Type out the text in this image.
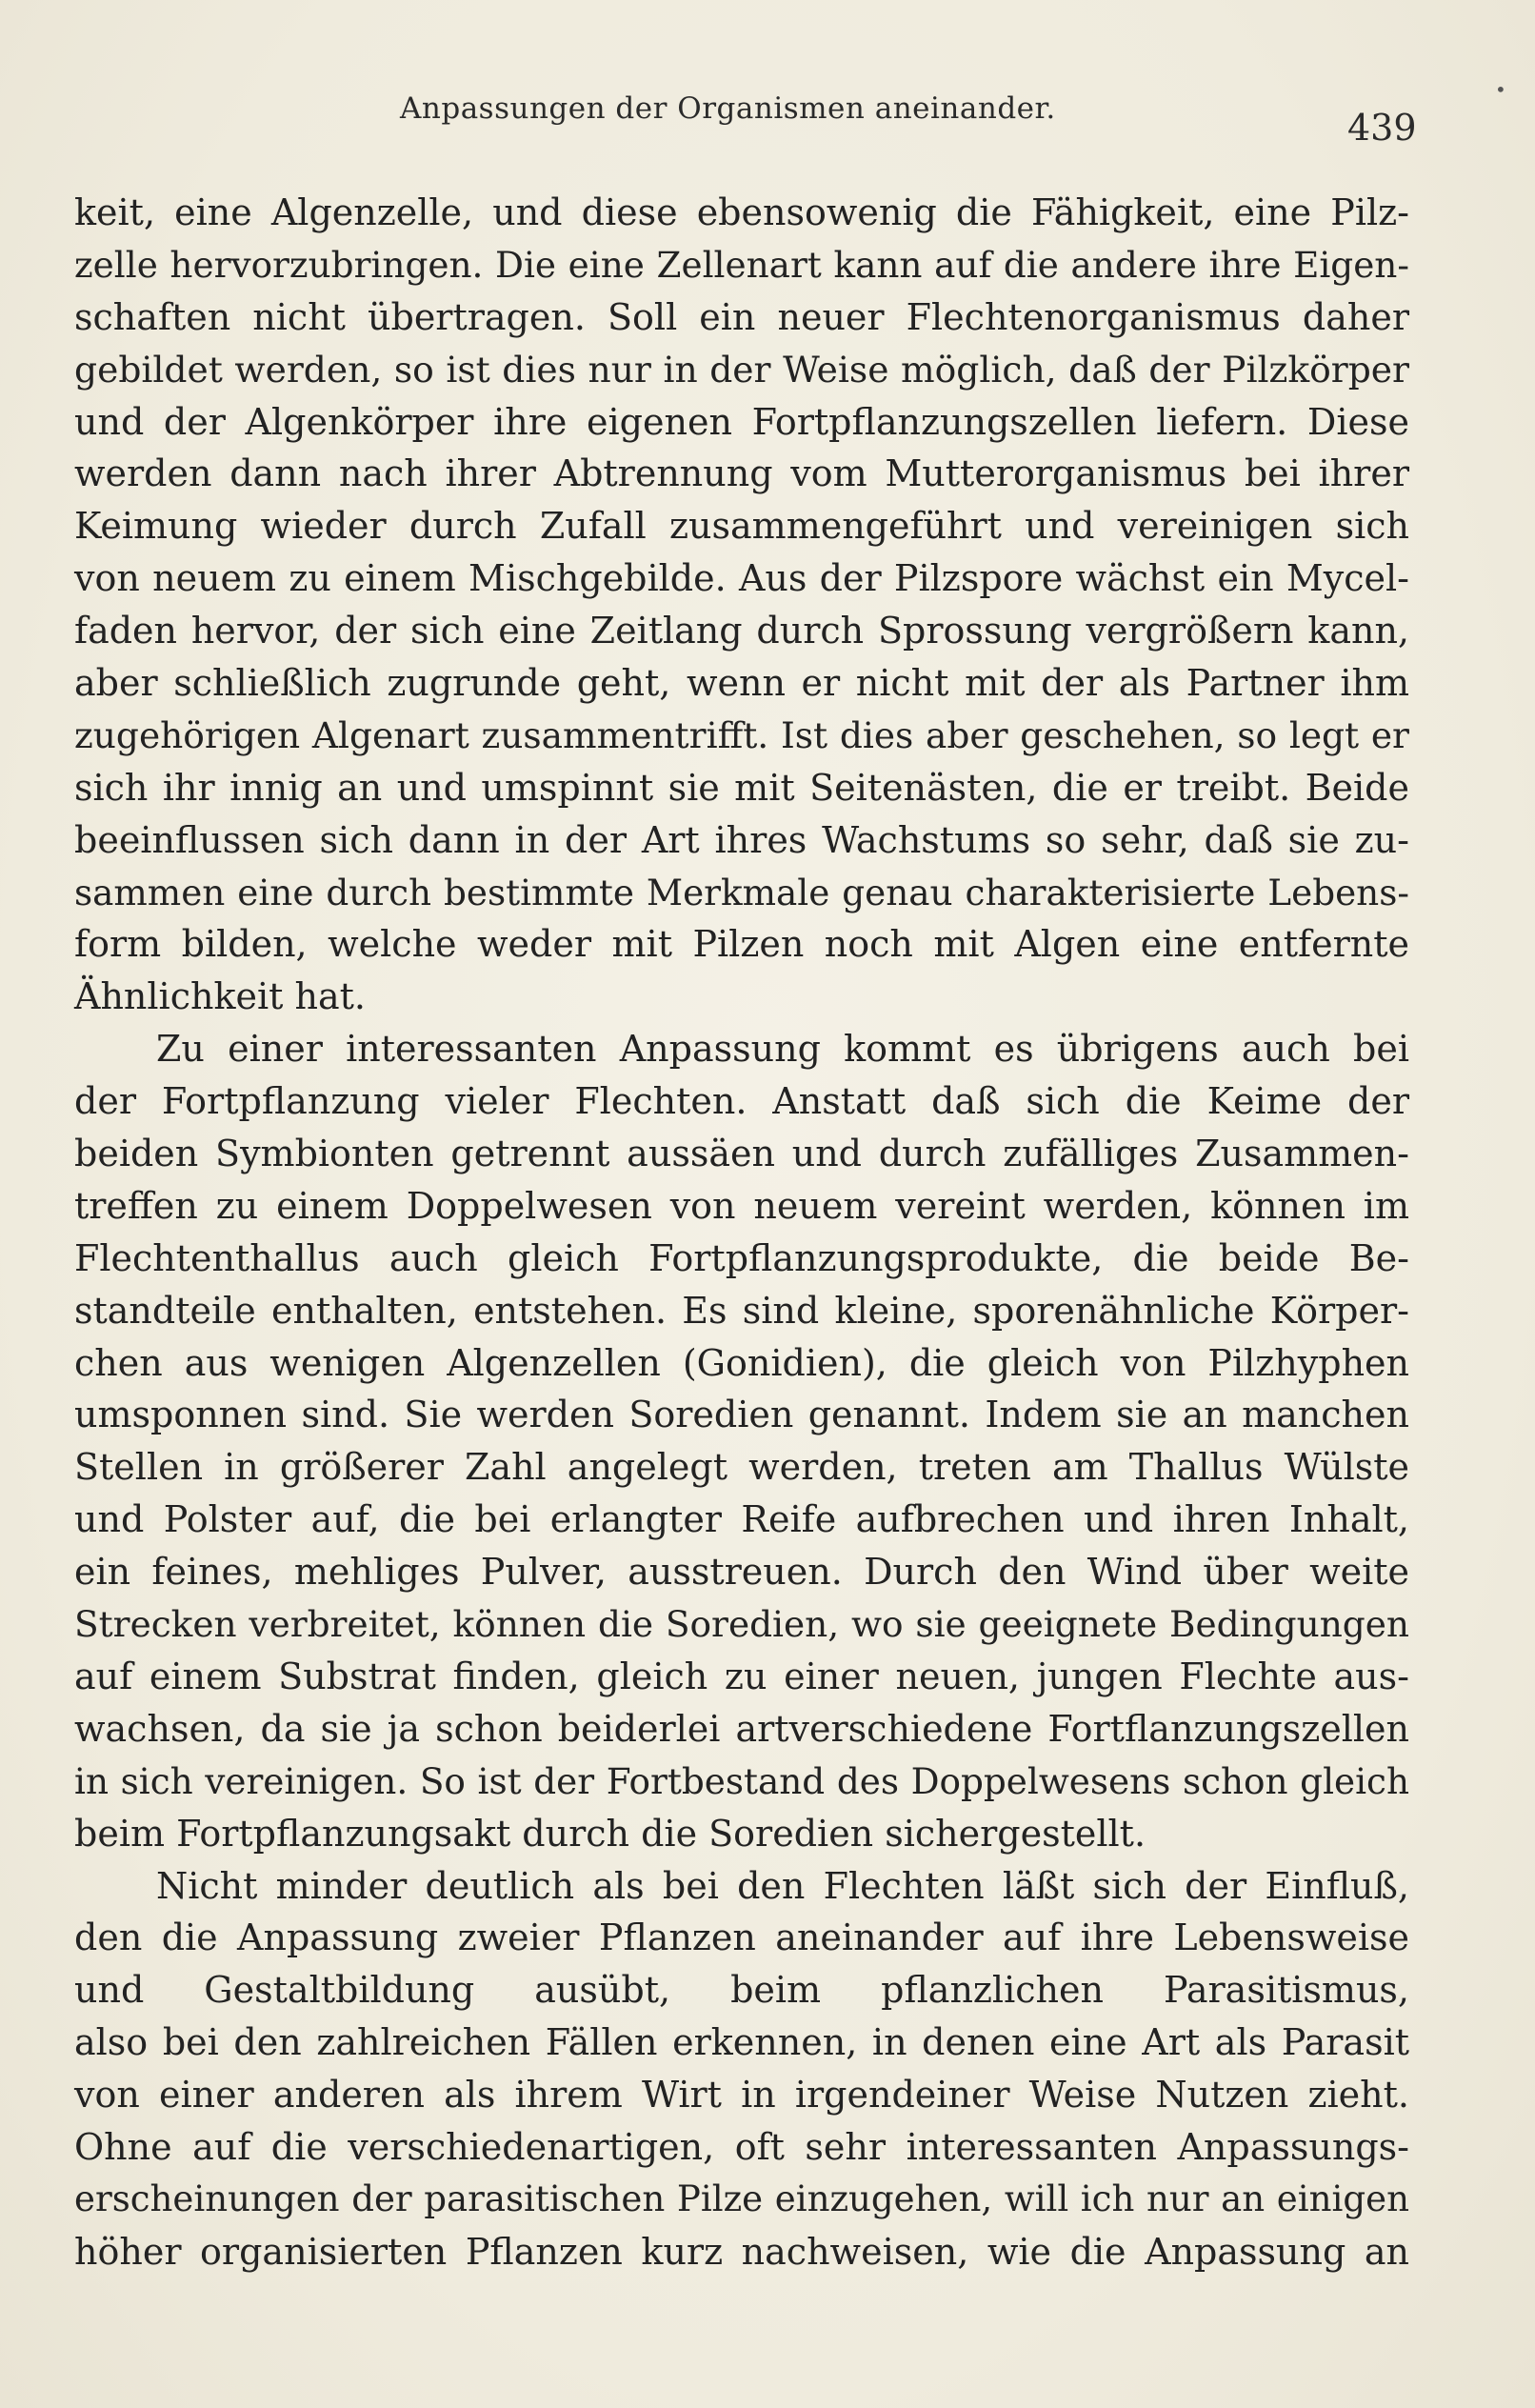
Anpassungen der Organismen aneinander.	439
keit, eine Algenzelle, und diese ebensowenig die Fähigkeit, eine Pilz-
zelle hervorzubringen. Die eine Zellenart kann auf die andere ihre Eigen-
schaften nicht übertragen. Soll ein neuer Flechtenorganismus daher
gebildet werden, so ist dies nur in der Weise möglich, daß der Pilzkörper
und der Algenkörper ihre eigenen Fortpflanzungszellen liefern. Diese
werden dann nach ihrer Abtrennung vom Mutterorganismus bei ihrer
Keimung wieder durch Zufall zusammengeführt und vereinigen sich
von neuem zu einem Mischgebilde. Aus der Pilzspore wächst ein Mycel-
faden hervor, der sich eine Zeitlang durch Sprossung vergrößern kann,
aber schließlich zugrunde geht, wenn er nicht mit der als Partner ihm
zugehörigen Algenart zusammentrifft. Ist dies aber geschehen, so legt er
sich ihr innig an und umspinnt sie mit Seitenästen, die er treibt. Beide
beeinflussen sich dann in der Art ihres Wachstums so sehr, daß sie zu-
sammen eine durch bestimmte Merkmale genau charakterisierte Lebens-
form bilden, welche weder mit Pilzen noch mit Algen eine entfernte
Ähnlichkeit hat.
Zu einer interessanten Anpassung kommt es übrigens auch bei
der Fortpflanzung vieler Flechten. Anstatt daß sich die Keime der
beiden Symbionten getrennt aussäen und durch zufälliges Zusammen-
treffen zu einem Doppelwesen von neuem vereint werden, können im
Flechtenthallus auch gleich Fortpflanzungsprodukte, die beide Be-
standteile enthalten, entstehen. Es sind kleine, sporenähnliche Körper-
chen aus wenigen Algenzellen (Gonidien), die gleich von Pilzhyphen
umsponnen sind. Sie werden Soredien genannt. Indem sie an manchen
Stellen in größerer Zahl angelegt werden, treten am Thallus Wülste
und Polster auf, die bei erlangter Reife aufbrechen und ihren Inhalt,
ein feines, mehliges Pulver, ausstreuen. Durch den Wind über weite
Strecken verbreitet, können die Soredien, wo sie geeignete Bedingungen
auf einem Substrat finden, gleich zu einer neuen, jungen Flechte aus-
wachsen, da sie ja schon beiderlei artverschiedene Fortflanzungszellen
in sich vereinigen. So ist der Fortbestand des Doppelwesens schon gleich
beim Fortpflanzungsakt durch die Soredien sichergestellt.
Nicht minder deutlich als bei den Flechten läßt sich der Einfluß,
den die Anpassung zweier Pflanzen aneinander auf ihre Lebensweise
und Gestaltbildung ausübt, beim pflanzlichen Parasitismus,
also bei den zahlreichen Fällen erkennen, in denen eine Art als Parasit
von einer anderen als ihrem Wirt in irgendeiner Weise Nutzen zieht.
Ohne auf die verschiedenartigen, oft sehr interessanten Anpassungs-
erscheinungen der parasitischen Pilze einzugehen, will ich nur an einigen
höher organisierten Pflanzen kurz nachweisen, wie die Anpassung an
•
